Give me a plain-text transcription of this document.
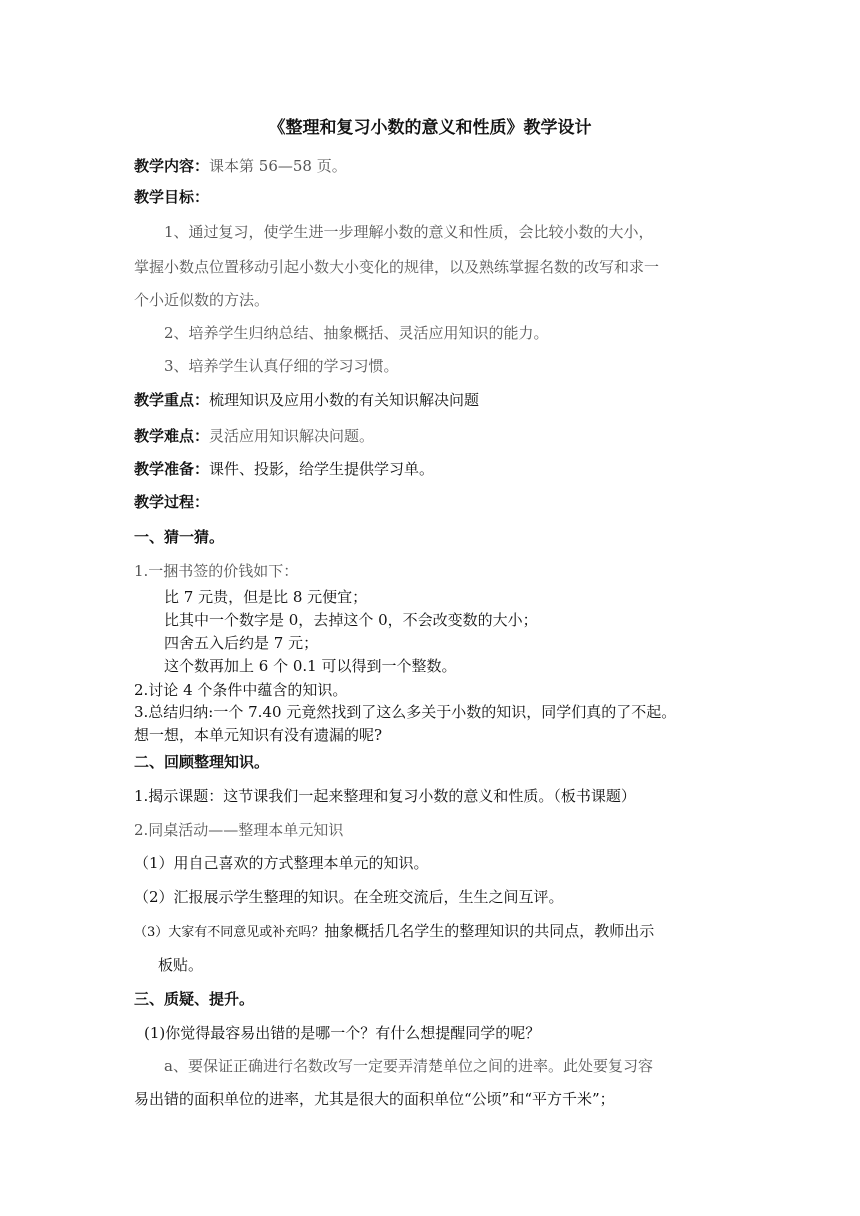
《整理和复习小数的意义和性质》教学设计
教学内容：课本第 56—58 页。
教学目标：
1、通过复习，使学生进一步理解小数的意义和性质，会比较小数的大小，
掌握小数点位置移动引起小数大小变化的规律，以及熟练掌握名数的改写和求一
个小近似数的方法。
2、培养学生归纳总结、抽象概括、灵活应用知识的能力。
3、培养学生认真仔细的学习习惯。
教学重点：梳理知识及应用小数的有关知识解决问题
教学难点：灵活应用知识解决问题。
教学准备：课件、投影，给学生提供学习单。
教学过程：
一、猜一猜。
1.一捆书签的价钱如下：
比 7 元贵，但是比 8 元便宜；
比其中一个数字是 0，去掉这个 0，不会改变数的大小；
四舍五入后约是 7 元；
这个数再加上 6 个 0.1 可以得到一个整数。
2.讨论 4 个条件中蕴含的知识。
3.总结归纳:一个 7.40 元竟然找到了这么多关于小数的知识，同学们真的了不起。
想一想，本单元知识有没有遗漏的呢?
二、回顾整理知识。
1.揭示课题：这节课我们一起来整理和复习小数的意义和性质。（板书课题）
2.同桌活动——整理本单元知识
（1）用自己喜欢的方式整理本单元的知识。
（2）汇报展示学生整理的知识。在全班交流后，生生之间互评。
（3）大家有不同意见或补充吗？抽象概括几名学生的整理知识的共同点，教师出示
板贴。
三、质疑、提升。
(1)你觉得最容易出错的是哪一个？有什么想提醒同学的呢？
a、要保证正确进行名数改写一定要弄清楚单位之间的进率。此处要复习容
易出错的面积单位的进率，尤其是很大的面积单位“公顷”和“平方千米”；
